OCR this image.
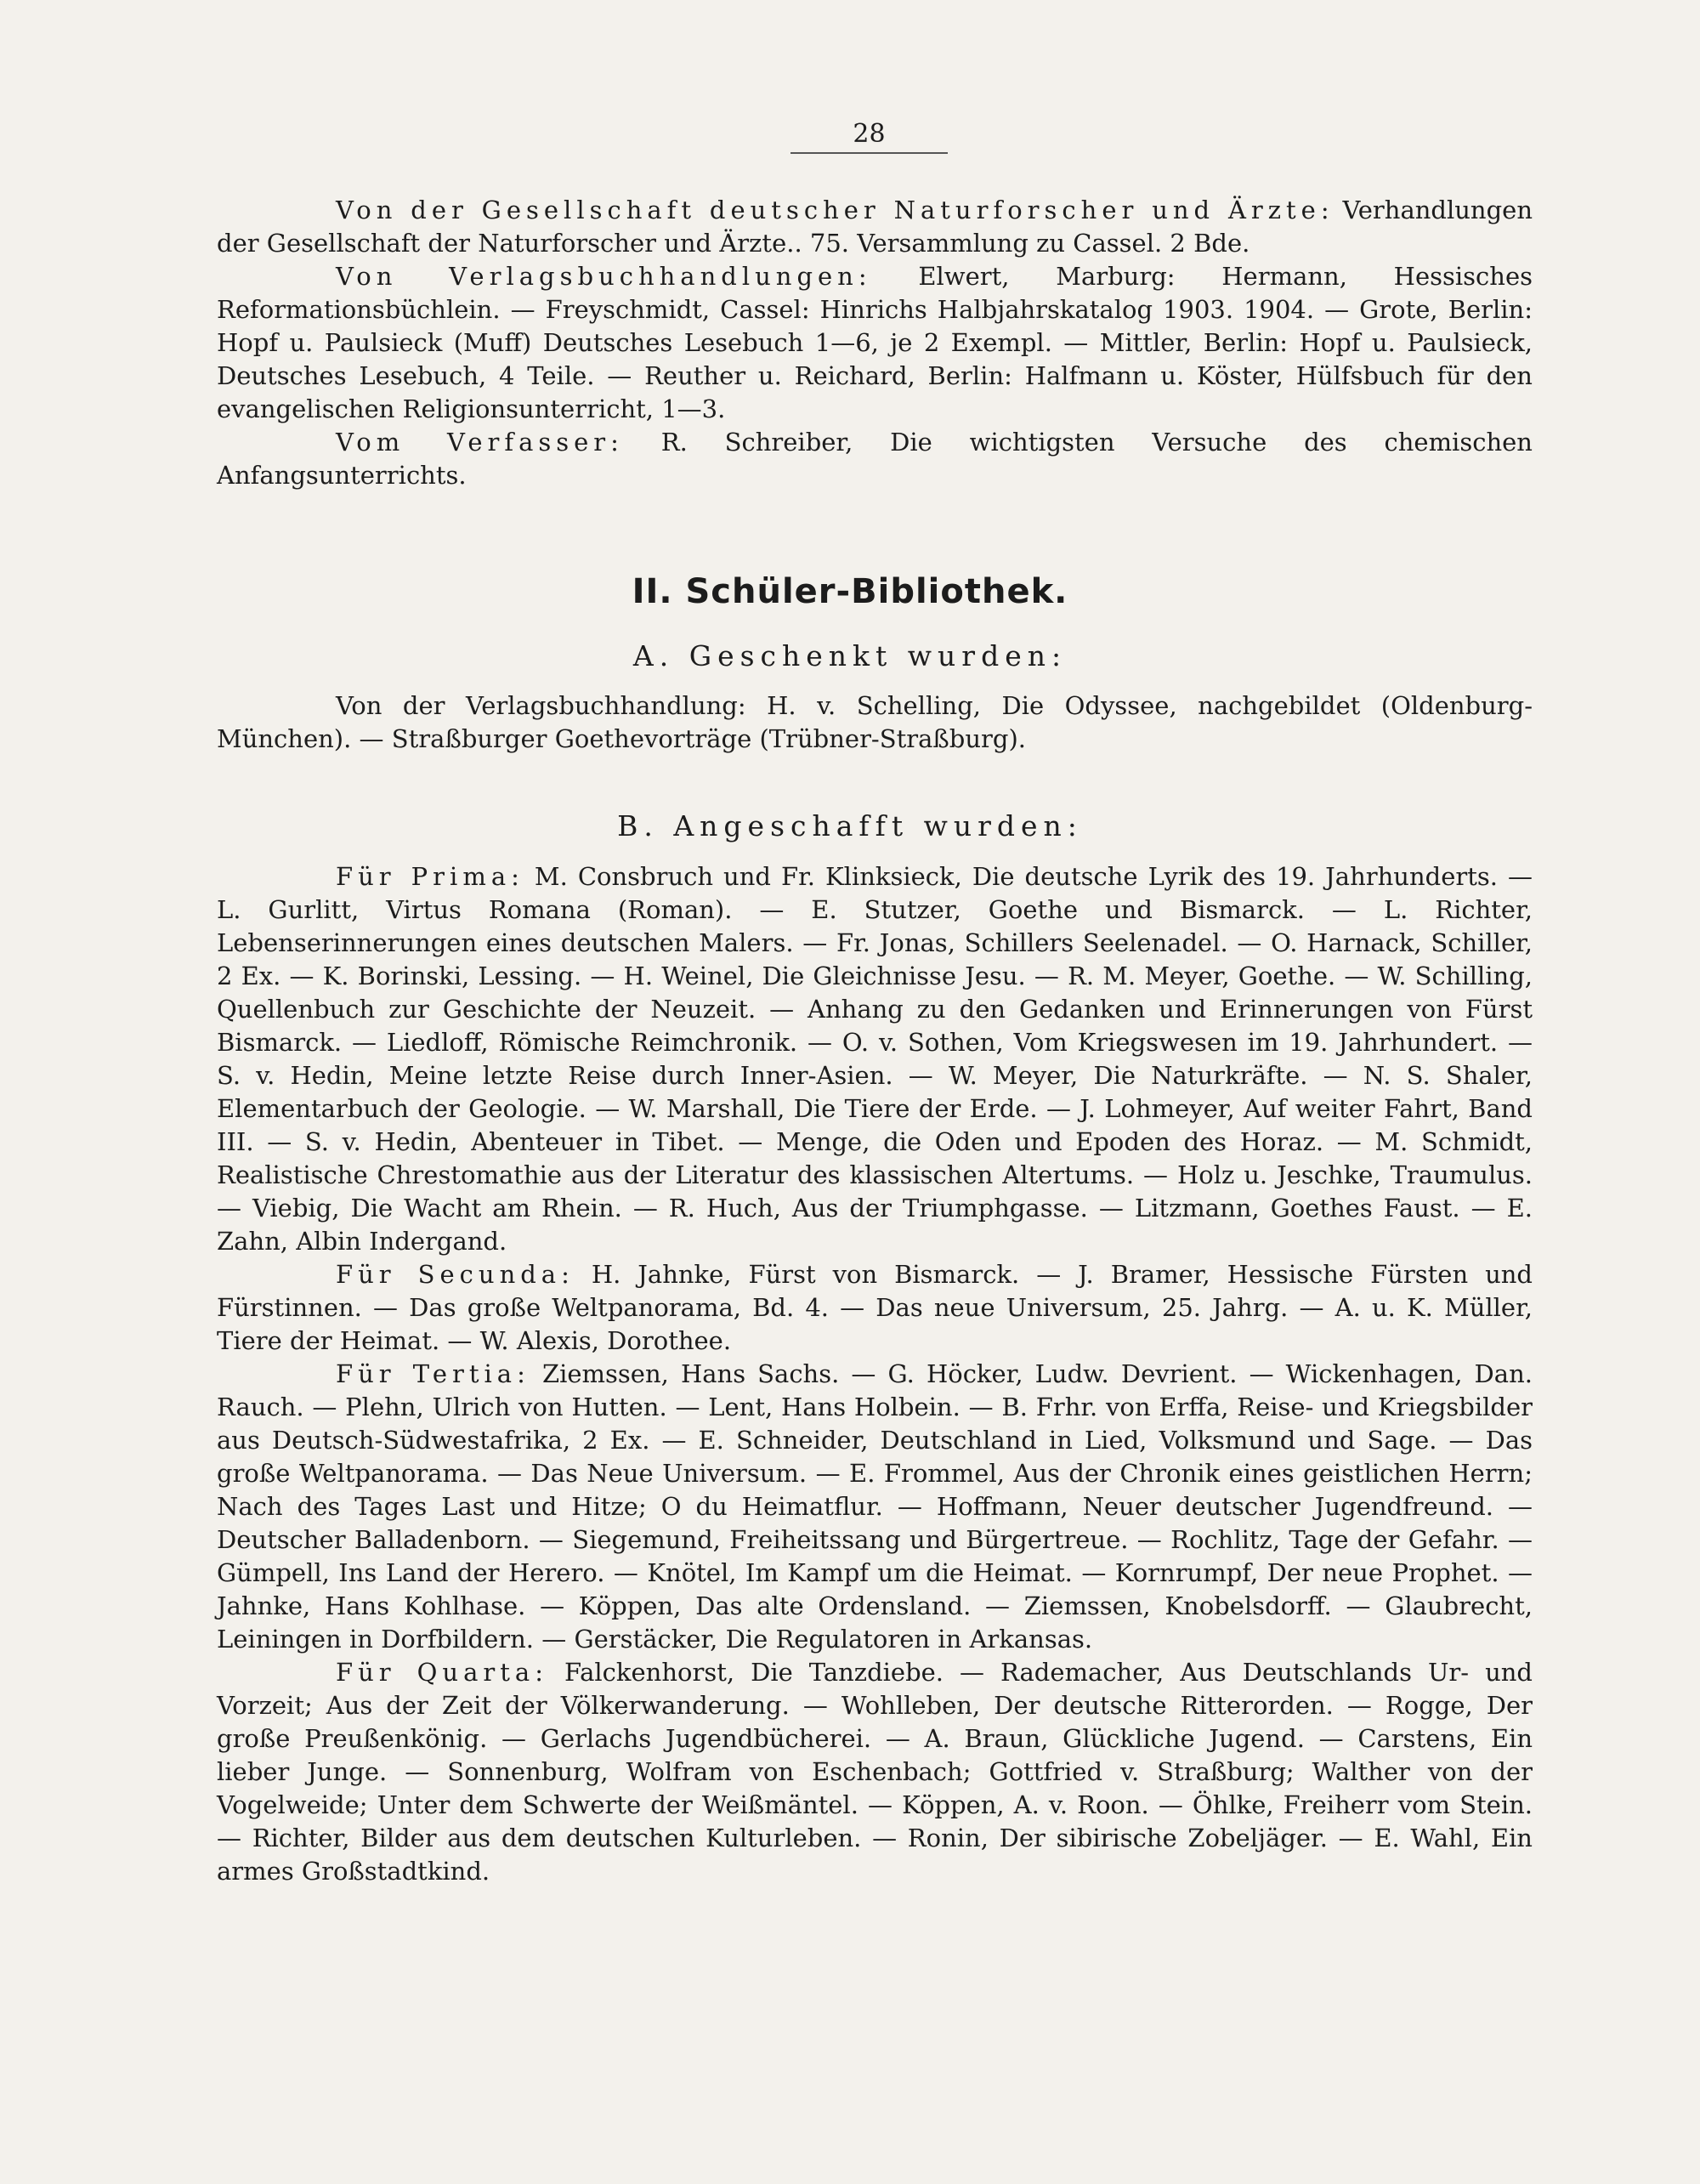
28

Von der Gesellschaft deutscher Naturforscher und Ärzte: Verhandlungen der Gesellschaft der Naturforscher und Ärzte.. 75. Versammlung zu Cassel. 2 Bde.

Von Verlagsbuchhandlungen: Elwert, Marburg: Hermann, Hessisches Reformationsbüchlein. — Freyschmidt, Cassel: Hinrichs Halbjahrskatalog 1903. 1904. — Grote, Berlin: Hopf u. Paulsieck (Muff) Deutsches Lesebuch 1—6, je 2 Exempl. — Mittler, Berlin: Hopf u. Paulsieck, Deutsches Lesebuch, 4 Teile. — Reuther u. Reichard, Berlin: Halfmann u. Köster, Hülfsbuch für den evangelischen Religionsunterricht, 1—3.

Vom Verfasser: R. Schreiber, Die wichtigsten Versuche des chemischen Anfangsunterrichts.

II. Schüler-Bibliothek.
A. Geschenkt wurden:

Von der Verlagsbuchhandlung: H. v. Schelling, Die Odyssee, nachgebildet (Oldenburg-München). — Straßburger Goethevorträge (Trübner-Straßburg).

B. Angeschafft wurden:

Für Prima: M. Consbruch und Fr. Klinksieck, Die deutsche Lyrik des 19. Jahrhunderts. — L. Gurlitt, Virtus Romana (Roman). — E. Stutzer, Goethe und Bismarck. — L. Richter, Lebenserinnerungen eines deutschen Malers. — Fr. Jonas, Schillers Seelenadel. — O. Harnack, Schiller, 2 Ex. — K. Borinski, Lessing. — H. Weinel, Die Gleichnisse Jesu. — R. M. Meyer, Goethe. — W. Schilling, Quellenbuch zur Geschichte der Neuzeit. — Anhang zu den Gedanken und Erinnerungen von Fürst Bismarck. — Liedloff, Römische Reimchronik. — O. v. Sothen, Vom Kriegswesen im 19. Jahrhundert. — S. v. Hedin, Meine letzte Reise durch Inner-Asien. — W. Meyer, Die Naturkräfte. — N. S. Shaler, Elementarbuch der Geologie. — W. Marshall, Die Tiere der Erde. — J. Lohmeyer, Auf weiter Fahrt, Band III. — S. v. Hedin, Abenteuer in Tibet. — Menge, die Oden und Epoden des Horaz. — M. Schmidt, Realistische Chrestomathie aus der Literatur des klassischen Altertums. — Holz u. Jeschke, Traumulus. — Viebig, Die Wacht am Rhein. — R. Huch, Aus der Triumphgasse. — Litzmann, Goethes Faust. — E. Zahn, Albin Indergand.

Für Secunda: H. Jahnke, Fürst von Bismarck. — J. Bramer, Hessische Fürsten und Fürstinnen. — Das große Weltpanorama, Bd. 4. — Das neue Universum, 25. Jahrg. — A. u. K. Müller, Tiere der Heimat. — W. Alexis, Dorothee.

Für Tertia: Ziemssen, Hans Sachs. — G. Höcker, Ludw. Devrient. — Wickenhagen, Dan. Rauch. — Plehn, Ulrich von Hutten. — Lent, Hans Holbein. — B. Frhr. von Erffa, Reise- und Kriegsbilder aus Deutsch-Südwestafrika, 2 Ex. — E. Schneider, Deutschland in Lied, Volksmund und Sage. — Das große Weltpanorama. — Das Neue Universum. — E. Frommel, Aus der Chronik eines geistlichen Herrn; Nach des Tages Last und Hitze; O du Heimatflur. — Hoffmann, Neuer deutscher Jugendfreund. — Deutscher Balladenborn. — Siegemund, Freiheitssang und Bürgertreue. — Rochlitz, Tage der Gefahr. — Gümpell, Ins Land der Herero. — Knötel, Im Kampf um die Heimat. — Kornrumpf, Der neue Prophet. — Jahnke, Hans Kohlhase. — Köppen, Das alte Ordensland. — Ziemssen, Knobelsdorff. — Glaubrecht, Leiningen in Dorfbildern. — Gerstäcker, Die Regulatoren in Arkansas.

Für Quarta: Falckenhorst, Die Tanzdiebe. — Rademacher, Aus Deutschlands Ur- und Vorzeit; Aus der Zeit der Völkerwanderung. — Wohlleben, Der deutsche Ritterorden. — Rogge, Der große Preußenkönig. — Gerlachs Jugendbücherei. — A. Braun, Glückliche Jugend. — Carstens, Ein lieber Junge. — Sonnenburg, Wolfram von Eschenbach; Gottfried v. Straßburg; Walther von der Vogelweide; Unter dem Schwerte der Weißmäntel. — Köppen, A. v. Roon. — Öhlke, Freiherr vom Stein. — Richter, Bilder aus dem deutschen Kulturleben. — Ronin, Der sibirische Zobeljäger. — E. Wahl, Ein armes Großstadtkind.
